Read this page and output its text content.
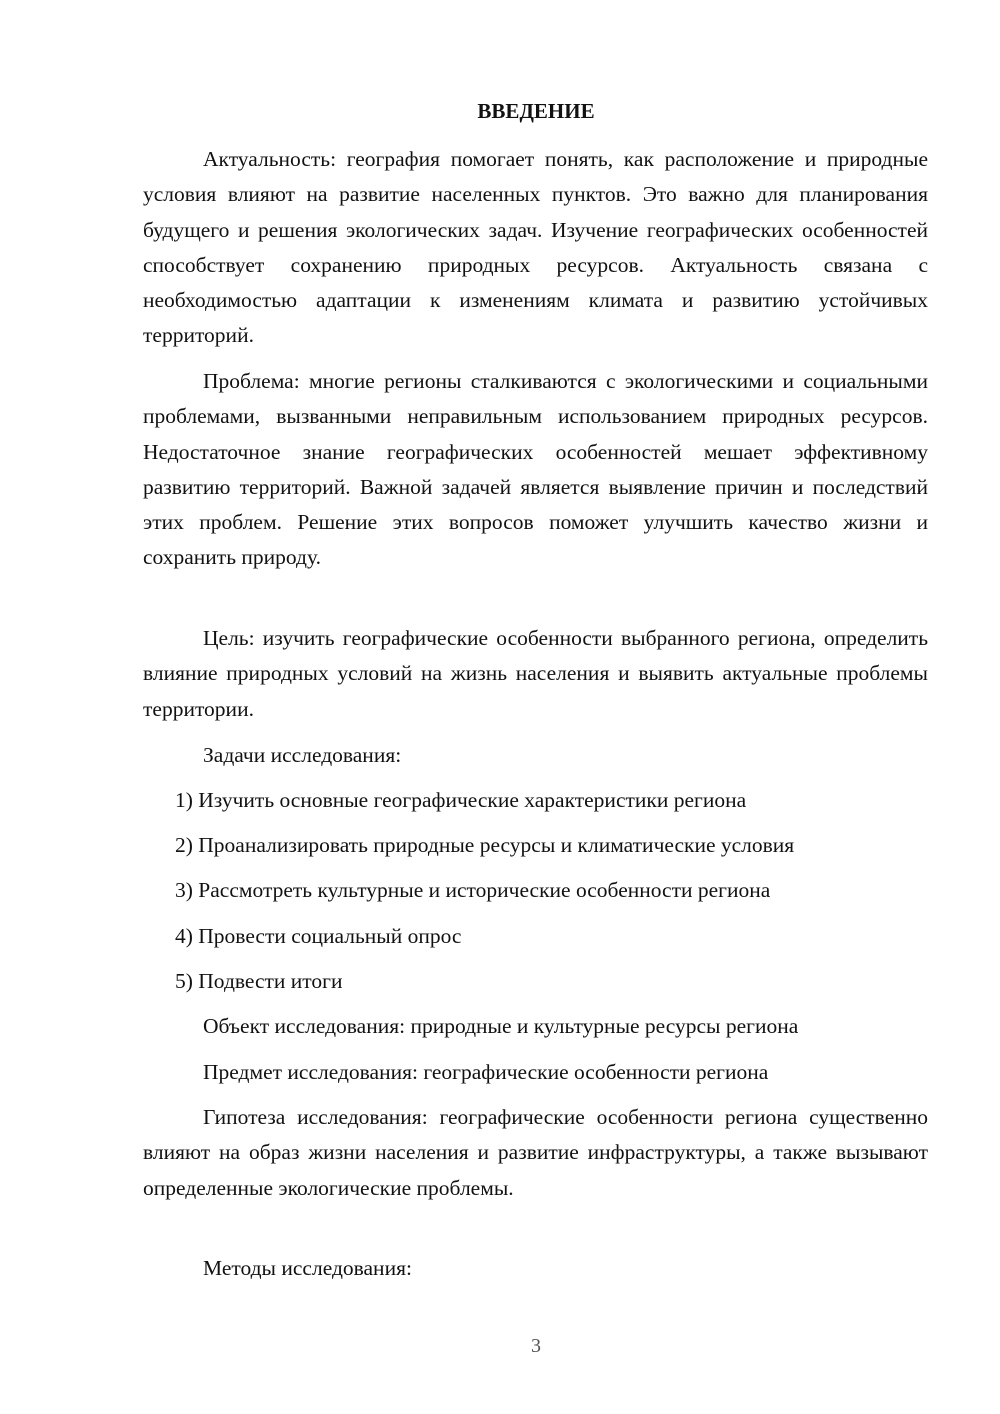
ВВЕДЕНИЕ

Актуальность: география помогает понять, как расположение и природные условия влияют на развитие населенных пунктов. Это важно для планирования будущего и решения экологических задач. Изучение географических особенностей способствует сохранению природных ресурсов. Актуальность связана с необходимостью адаптации к изменениям климата и развитию устойчивых территорий.

Проблема: многие регионы сталкиваются с экологическими и социальными проблемами, вызванными неправильным использованием природных ресурсов. Недостаточное знание географических особенностей мешает эффективному развитию территорий. Важной задачей является выявление причин и последствий этих проблем. Решение этих вопросов поможет улучшить качество жизни и сохранить природу.

Цель: изучить географические особенности выбранного региона, определить влияние природных условий на жизнь населения и выявить актуальные проблемы территории.

Задачи исследования:
1) Изучить основные географические характеристики региона
2) Проанализировать природные ресурсы и климатические условия
3) Рассмотреть культурные и исторические особенности региона
4) Провести социальный опрос
5) Подвести итоги
Объект исследования: природные и культурные ресурсы региона
Предмет исследования: географические особенности региона

Гипотеза исследования: географические особенности региона существенно влияют на образ жизни населения и развитие инфраструктуры, а также вызывают определенные экологические проблемы.

Методы исследования:
3
